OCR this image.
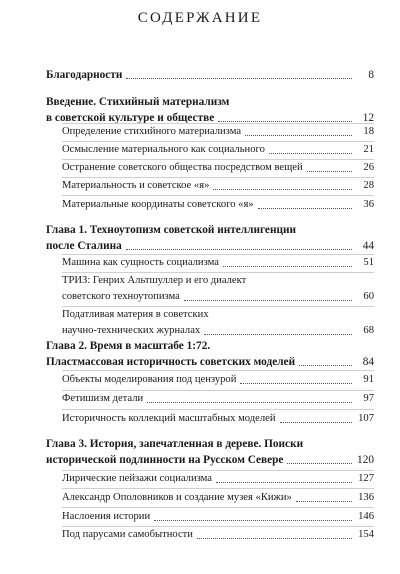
СОДЕРЖАНИЕ
Благодарности	8
Введение. Стихийный материализм
в советской культуре и обществе	12
Определение стихийного материализма	18
Осмысление материального как социального	21
Остранение советского общества посредством вещей	26
Материальность и советское «я»	28
Материальные координаты советского «я»	36
Глава 1. Техноутопизм советской интеллигенции
после Сталина	44
Машина как сущность социализма	51
ТРИЗ: Генрих Альтшуллер и его диалект
советского техноутопизма	60
Податливая материя в советских
научно-технических журналах	68
Глава 2. Время в масштабе 1:72.
Пластмассовая историчность советских моделей	84
Объекты моделирования под цензурой	91
Фетишизм детали	97
Историчность коллекций масштабных моделей	107
Глава 3. История, запечатленная в дереве. Поиски
исторической подлинности на Русском Севере	120
Лирические пейзажи социализма	127
Александр Ополовников и создание музея «Кижи»	136
Наслоения истории	146
Под парусами самобытности	154
